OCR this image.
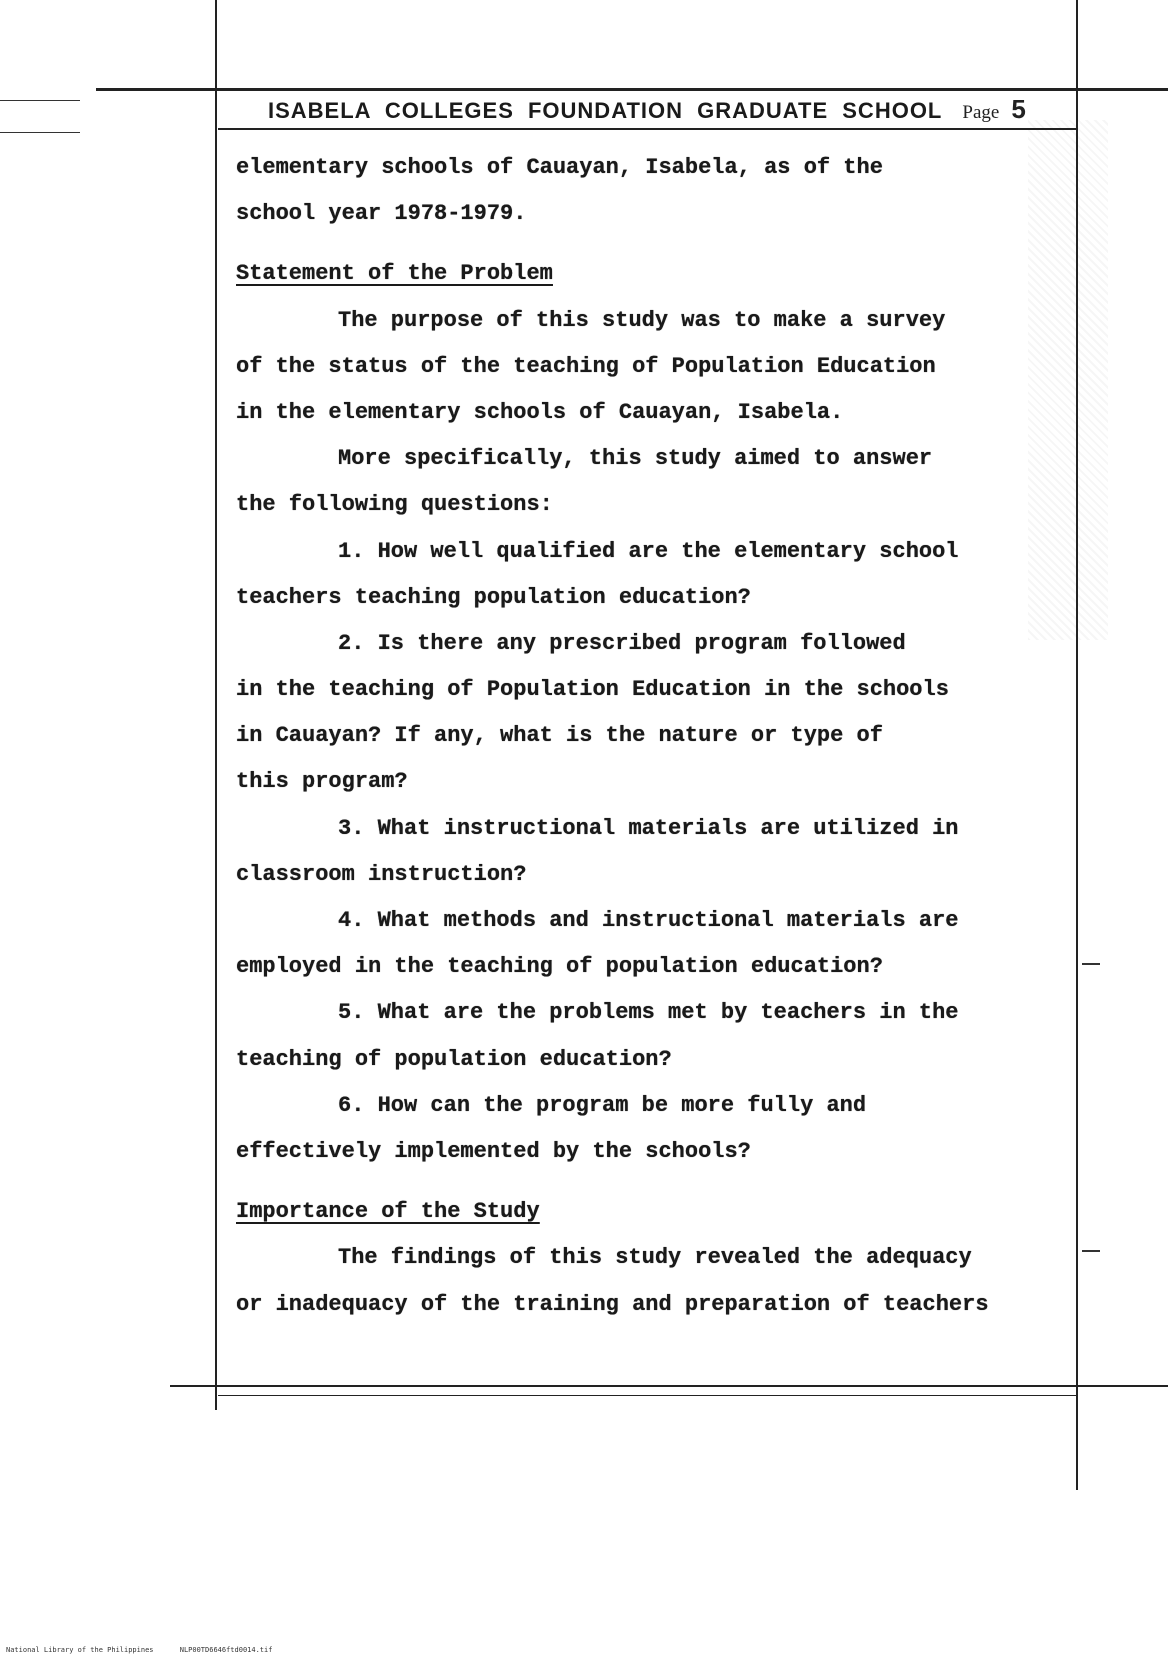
ISABELA COLLEGES FOUNDATION GRADUATE SCHOOL Page 5
elementary schools of Cauayan, Isabela, as of the
school year 1978-1979.
Statement of the Problem
The purpose of this study was to make a survey
of the status of the teaching of Population Education
in the elementary schools of Cauayan, Isabela.
More specifically, this study aimed to answer
the following questions:
1. How well qualified are the elementary school
teachers teaching population education?
2. Is there any prescribed program followed
in the teaching of Population Education in the schools
in Cauayan? If any, what is the nature or type of
this program?
3. What instructional materials are utilized in
classroom instruction?
4. What methods and instructional materials are
employed in the teaching of population education?
5. What are the problems met by teachers in the
teaching of population education?
6. How can the program be more fully and
effectively implemented by the schools?
Importance of the Study
The findings of this study revealed the adequacy
or inadequacy of the training and preparation of teachers
National Library of the Philippines	NLP00TD6646ftd0014.tif
